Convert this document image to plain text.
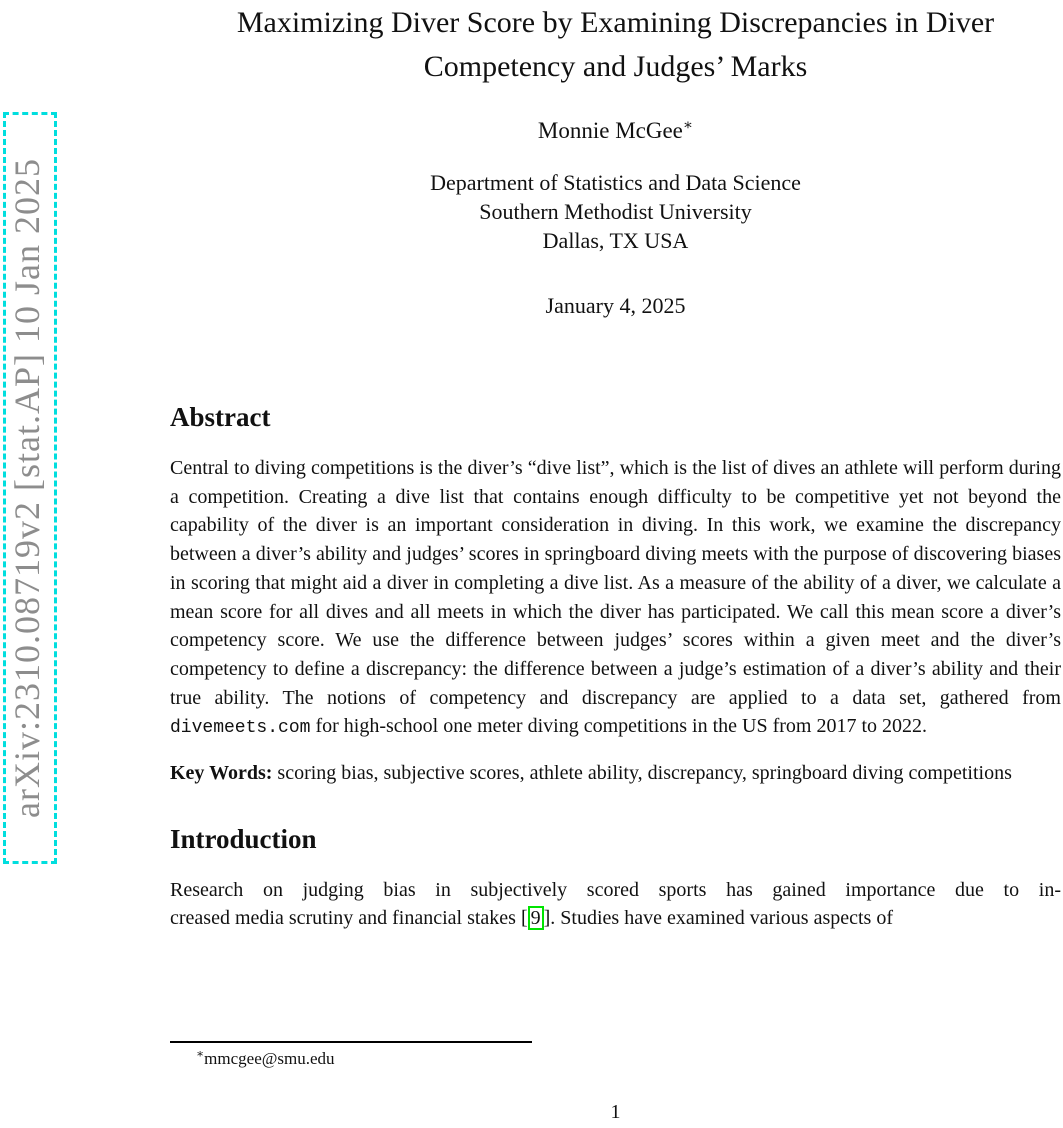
arXiv:2310.08719v2 [stat.AP] 10 Jan 2025
Maximizing Diver Score by Examining Discrepancies in Diver
Competency and Judges’ Marks
Monnie McGee∗
Department of Statistics and Data Science
Southern Methodist University
Dallas, TX USA
January 4, 2025
Abstract

Central to diving competitions is the diver’s “dive list”, which is the list of dives an athlete will perform during a competition. Creating a dive list that contains enough difficulty to be competitive yet not beyond the capability of the diver is an important consideration in diving. In this work, we examine the discrepancy between a diver’s ability and judges’ scores in springboard diving meets with the purpose of discovering biases in scoring that might aid a diver in completing a dive list. As a measure of the ability of a diver, we calculate a mean score for all dives and all meets in which the diver has participated. We call this mean score a diver’s competency score. We use the difference between judges’ scores within a given meet and the diver’s competency to define a discrepancy: the difference between a judge’s estimation of a diver’s ability and their true ability. The notions of competency and discrepancy are applied to a data set, gathered from divemeets.com for high-school one meter diving competitions in the US from 2017 to 2022.

Key Words: scoring bias, subjective scores, athlete ability, discrepancy, springboard diving competitions

Introduction
Research on judging bias in subjectively scored sports has gained importance due to in-
creased media scrutiny and financial stakes [ 9 ]. Studies have examined various aspects of
∗mmcgee@smu.edu
1
